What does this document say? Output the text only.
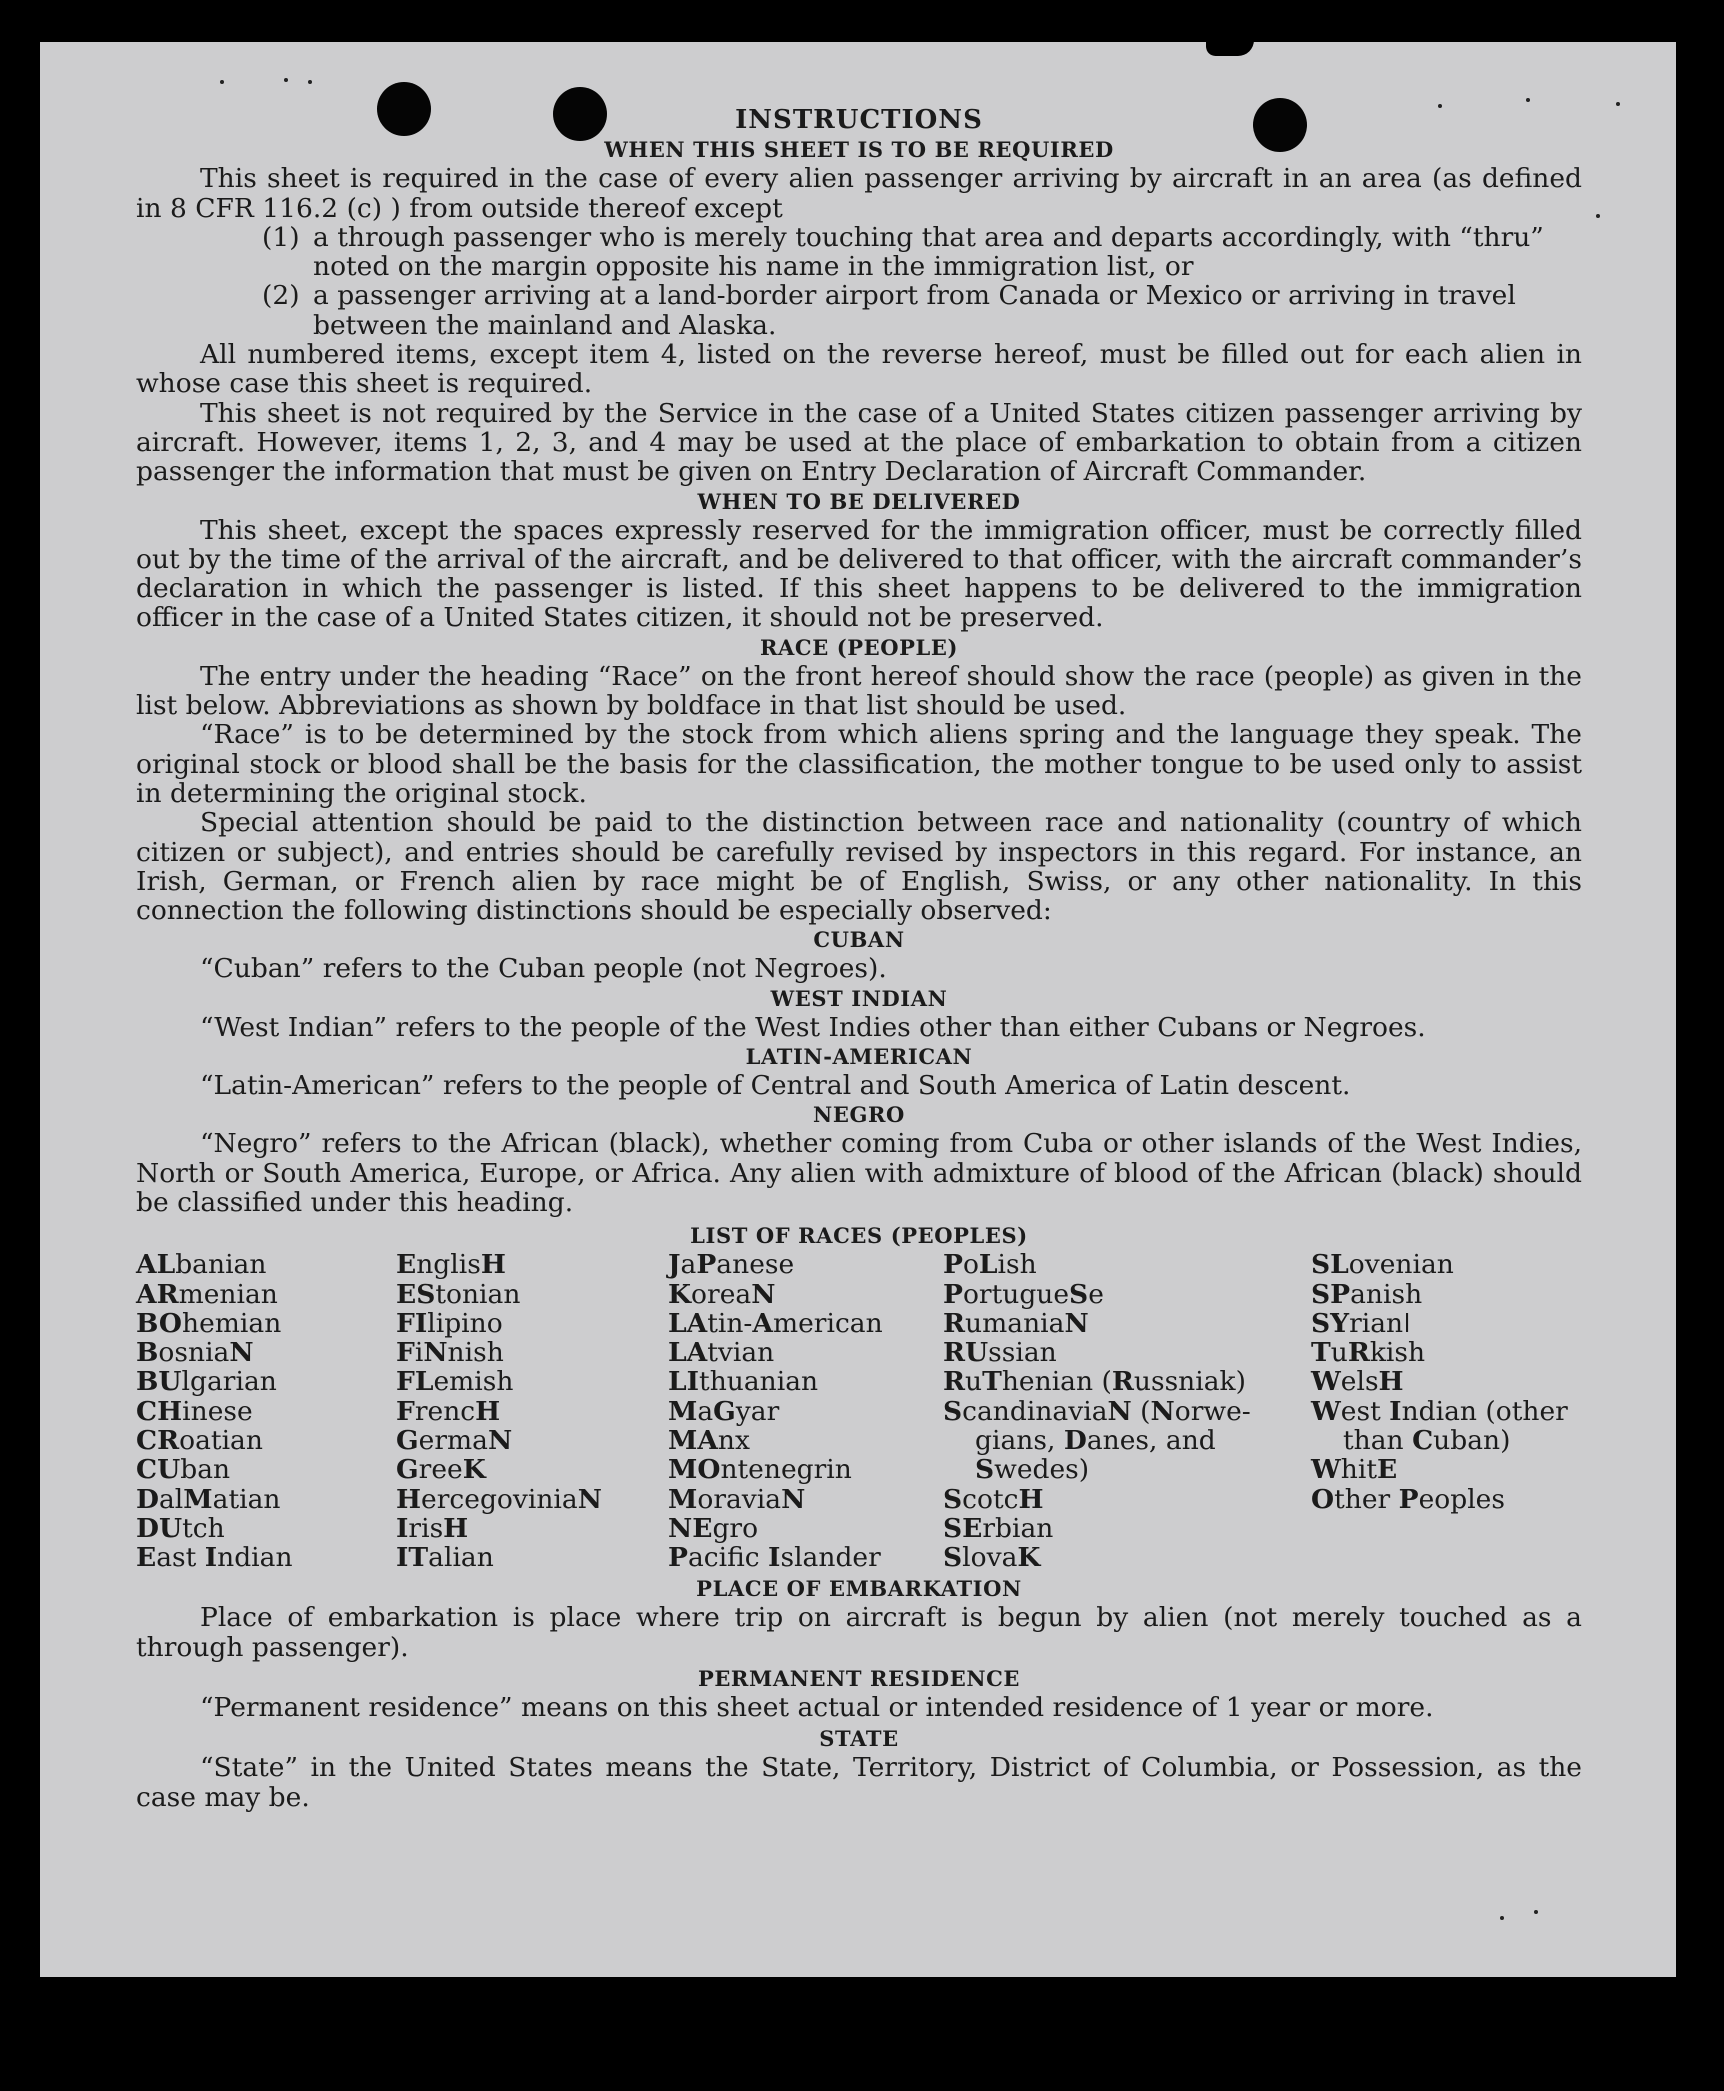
INSTRUCTIONS
WHEN THIS SHEET IS TO BE REQUIRED

This sheet is required in the case of every alien passenger arriving by aircraft in an area (as defined in 8 CFR 116.2 (c) ) from outside thereof except

(1) a through passenger who is merely touching that area and departs accordingly, with “thru” noted on the margin opposite his name in the immigration list, or
(2) a passenger arriving at a land-border airport from Canada or Mexico or arriving in travel between the mainland and Alaska.

All numbered items, except item 4, listed on the reverse hereof, must be filled out for each alien in whose case this sheet is required.

This sheet is not required by the Service in the case of a United States citizen passenger arriving by aircraft. However, items 1, 2, 3, and 4 may be used at the place of embarkation to obtain from a citizen passenger the information that must be given on Entry Declaration of Aircraft Commander.

WHEN TO BE DELIVERED

This sheet, except the spaces expressly reserved for the immigration officer, must be correctly filled out by the time of the arrival of the aircraft, and be delivered to that officer, with the aircraft commander’s declaration in which the passenger is listed. If this sheet happens to be delivered to the immigration officer in the case of a United States citizen, it should not be preserved.

RACE (PEOPLE)

The entry under the heading “Race” on the front hereof should show the race (people) as given in the list below. Abbreviations as shown by boldface in that list should be used.

“Race” is to be determined by the stock from which aliens spring and the language they speak. The original stock or blood shall be the basis for the classification, the mother tongue to be used only to assist in determining the original stock.

Special attention should be paid to the distinction between race and nationality (country of which citizen or subject), and entries should be carefully revised by inspectors in this regard. For instance, an Irish, German, or French alien by race might be of English, Swiss, or any other nationality. In this connection the following distinctions should be especially observed:

CUBAN

“Cuban” refers to the Cuban people (not Negroes).

WEST INDIAN

“West Indian” refers to the people of the West Indies other than either Cubans or Negroes.

LATIN-AMERICAN

“Latin-American” refers to the people of Central and South America of Latin descent.

NEGRO

“Negro” refers to the African (black), whether coming from Cuba or other islands of the West Indies, North or South America, Europe, or Africa. Any alien with admixture of blood of the African (black) should be classified under this heading.

LIST OF RACES (PEOPLES)
ALbanian
ARmenian
BOhemian
BosniaN
BUlgarian
CHinese
CRoatian
CUban
DalMatian
DUtch
East Indian
EnglisH
EStonian
FIlipino
FiNnish
FLemish
FrencH
GermaN
GreeK
HercegoviniaN
IrisH
ITalian
JaPanese
KoreaN
LAtin-American
LAtvian
LIthuanian
MaGyar
MAnx
MOntenegrin
MoraviaN
NEgro
Pacifc Islander
PoLish
PortugueSe
RumaniaN
RUssian
RuThenian (Russniak)
ScandinaviaN (Norwe-
gians, Danes, and
Swedes)
ScotcH
SErbian
SlovaK
SLovenian
SPanish
SYrianǀ
TuRkish
WelsH
West Indian (other
than Cuban)
WhitE
Other Peoples
PLACE OF EMBARKATION

Place of embarkation is place where trip on aircraft is begun by alien (not merely touched as a through passenger).

PERMANENT RESIDENCE

“Permanent residence” means on this sheet actual or intended residence of 1 year or more.

STATE

“State” in the United States means the State, Territory, District of Columbia, or Possession, as the case may be.
